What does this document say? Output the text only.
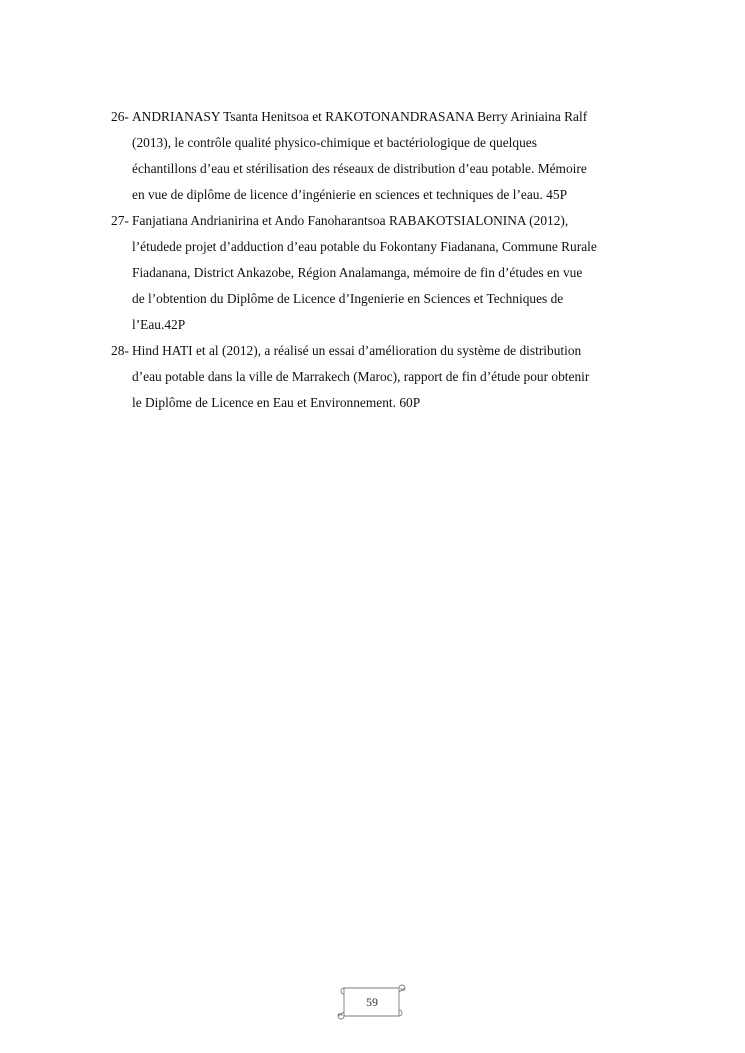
26- ANDRIANASY Tsanta Henitsoa et RAKOTONANDRASANA Berry Ariniaina Ralf
(2013), le contrôle qualité physico-chimique et bactériologique de quelques
échantillons d’eau et stérilisation des réseaux de distribution d’eau potable. Mémoire
en vue de diplôme de licence d’ingénierie en sciences et techniques de l’eau. 45P
27- Fanjatiana Andrianirina et Ando Fanoharantsoa RABAKOTSIALONINA (2012),
l’étudede projet d’adduction d’eau potable du Fokontany Fiadanana, Commune Rurale
Fiadanana, District Ankazobe, Région Analamanga, mémoire de fin d’études en vue
de l’obtention du Diplôme de Licence d’Ingenierie en Sciences et Techniques de
l’Eau.42P
28- Hind HATI et al (2012), a réalisé un essai d’amélioration du système de distribution
d’eau potable dans la ville de Marrakech (Maroc), rapport de fin d’étude pour obtenir
le Diplôme de Licence en Eau et Environnement. 60P
59
